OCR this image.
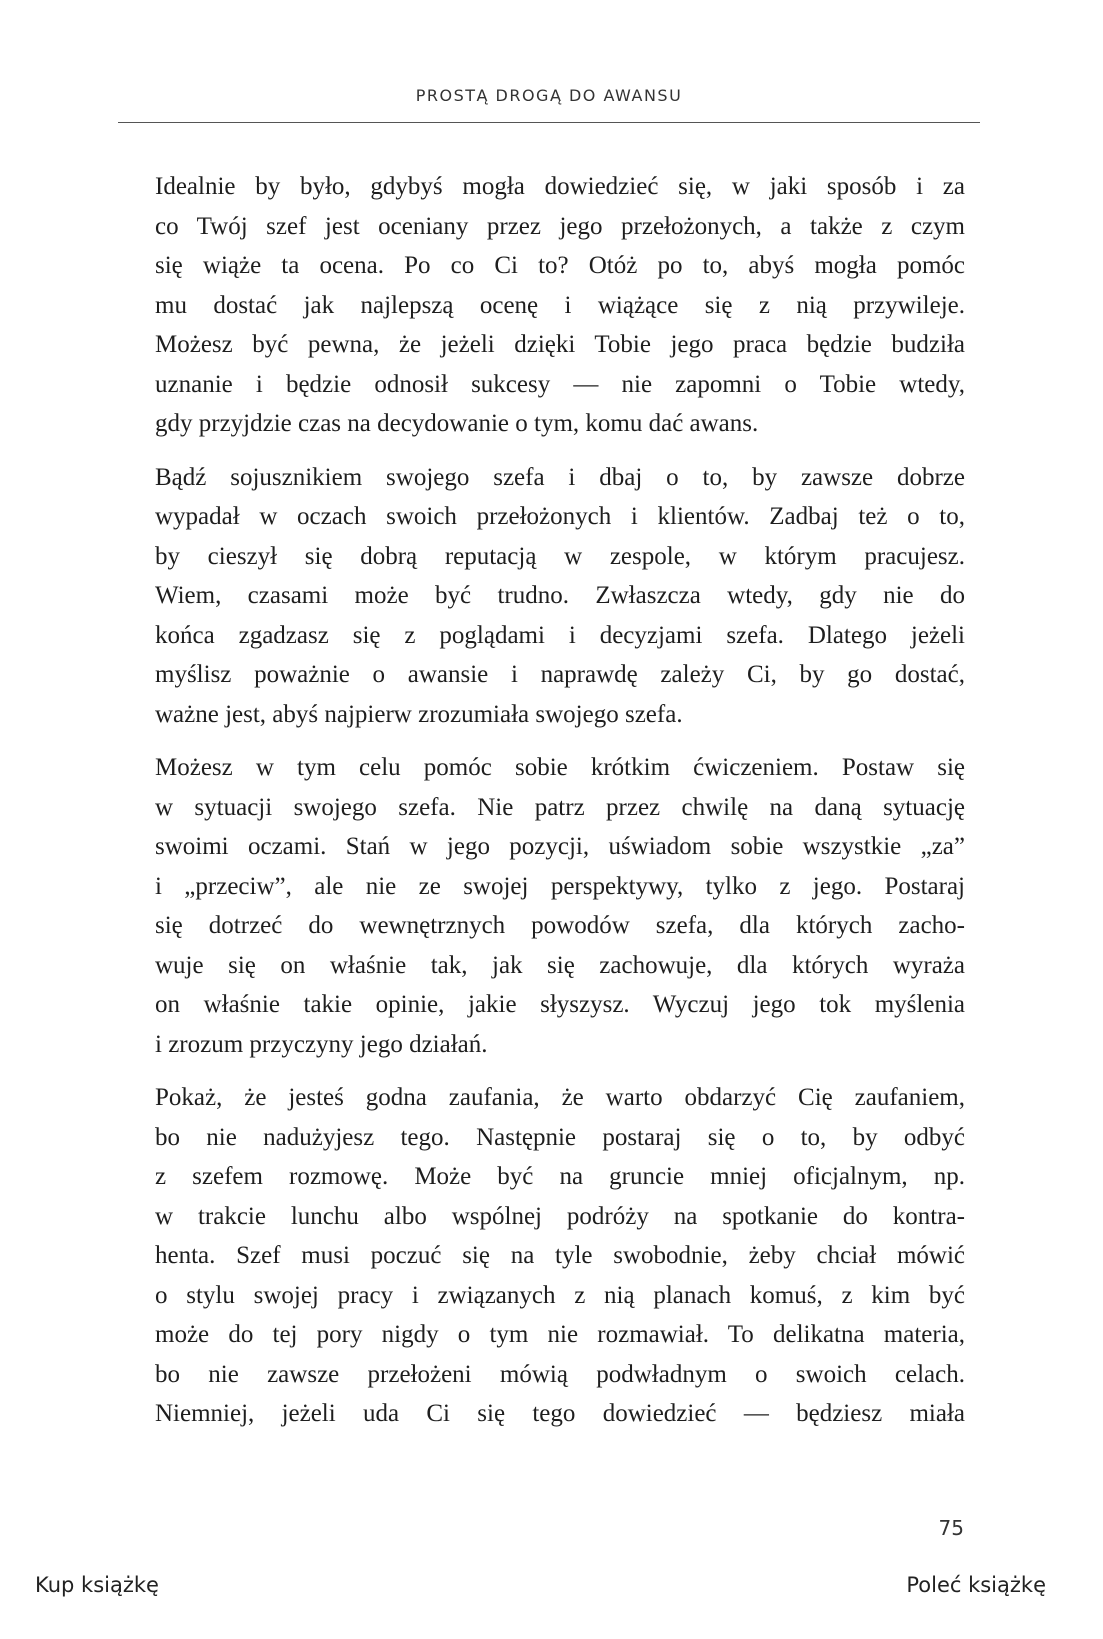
PROSTĄ DROGĄ DO AWANSU

Idealnie by było, gdybyś mogła dowiedzieć się, w jaki sposób i za
co Twój szef jest oceniany przez jego przełożonych, a także z czym
się wiąże ta ocena. Po co Ci to? Otóż po to, abyś mogła pomóc
mu dostać jak najlepszą ocenę i wiążące się z nią przywileje.
Możesz być pewna, że jeżeli dzięki Tobie jego praca będzie budziła
uznanie i będzie odnosił sukcesy — nie zapomni o Tobie wtedy,
gdy przyjdzie czas na decydowanie o tym, komu dać awans.

Bądź sojusznikiem swojego szefa i dbaj o to, by zawsze dobrze
wypadał w oczach swoich przełożonych i klientów. Zadbaj też o to,
by cieszył się dobrą reputacją w zespole, w którym pracujesz.
Wiem, czasami może być trudno. Zwłaszcza wtedy, gdy nie do
końca zgadzasz się z poglądami i decyzjami szefa. Dlatego jeżeli
myślisz poważnie o awansie i naprawdę zależy Ci, by go dostać,
ważne jest, abyś najpierw zrozumiała swojego szefa.

Możesz w tym celu pomóc sobie krótkim ćwiczeniem. Postaw się
w sytuacji swojego szefa. Nie patrz przez chwilę na daną sytuację
swoimi oczami. Stań w jego pozycji, uświadom sobie wszystkie „za”
i „przeciw”, ale nie ze swojej perspektywy, tylko z jego. Postaraj
się dotrzeć do wewnętrznych powodów szefa, dla których zacho-
wuje się on właśnie tak, jak się zachowuje, dla których wyraża
on właśnie takie opinie, jakie słyszysz. Wyczuj jego tok myślenia
i zrozum przyczyny jego działań.

Pokaż, że jesteś godna zaufania, że warto obdarzyć Cię zaufaniem,
bo nie nadużyjesz tego. Następnie postaraj się o to, by odbyć
z szefem rozmowę. Może być na gruncie mniej oficjalnym, np.
w trakcie lunchu albo wspólnej podróży na spotkanie do kontra-
henta. Szef musi poczuć się na tyle swobodnie, żeby chciał mówić
o stylu swojej pracy i związanych z nią planach komuś, z kim być
może do tej pory nigdy o tym nie rozmawiał. To delikatna materia,
bo nie zawsze przełożeni mówią podwładnym o swoich celach.
Niemniej, jeżeli uda Ci się tego dowiedzieć — będziesz miała

75
Kup książkę	Poleć książkę
